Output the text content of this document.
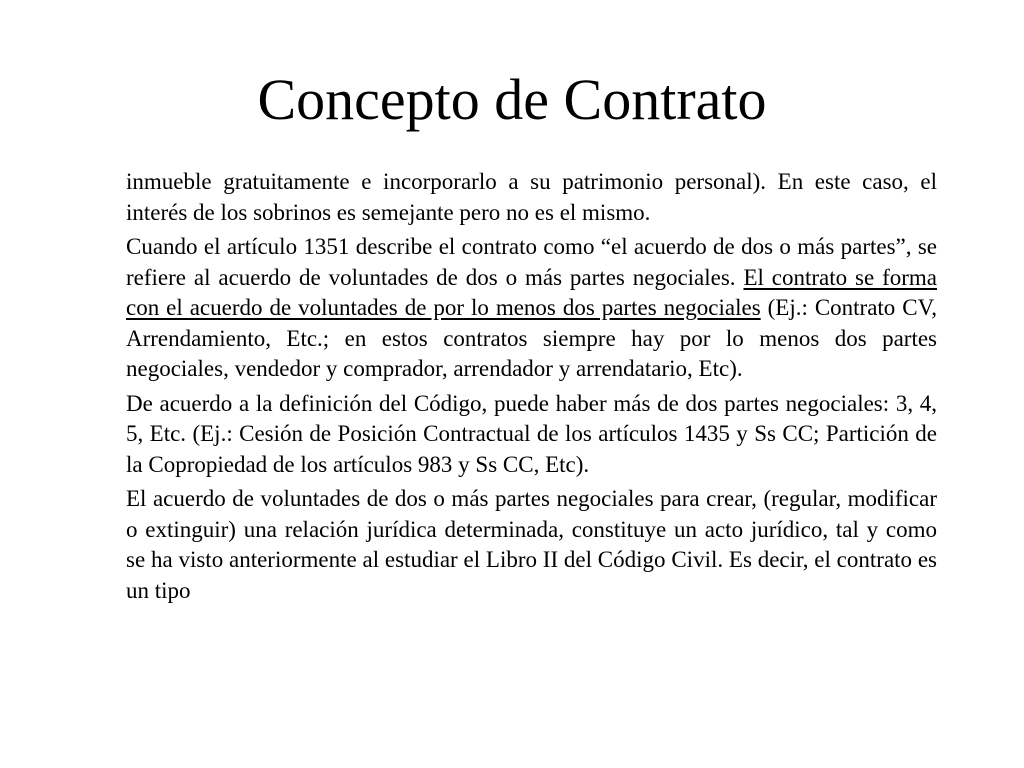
Concepto de Contrato

inmueble gratuitamente e incorporarlo a su patrimonio personal). En este caso, el interés de los sobrinos es semejante pero no es el mismo.

Cuando el artículo 1351 describe el contrato como “el acuerdo de dos o más partes”, se refiere al acuerdo de voluntades de dos o más partes negociales. El contrato se forma con el acuerdo de voluntades de por lo menos dos partes negociales (Ej.: Contrato CV, Arrendamiento, Etc.; en estos contratos siempre hay por lo menos dos partes negociales, vendedor y comprador, arrendador y arrendatario, Etc).

De acuerdo a la definición del Código, puede haber más de dos partes negociales: 3, 4, 5, Etc. (Ej.: Cesión de Posición Contractual de los artículos 1435 y Ss CC; Partición de la Copropiedad de los artículos 983 y Ss CC, Etc).

El acuerdo de voluntades de dos o más partes negociales para crear, (regular, modificar o extinguir) una relación jurídica determinada, constituye un acto jurídico, tal y como se ha visto anteriormente al estudiar el Libro II del Código Civil. Es decir, el contrato es un tipo
